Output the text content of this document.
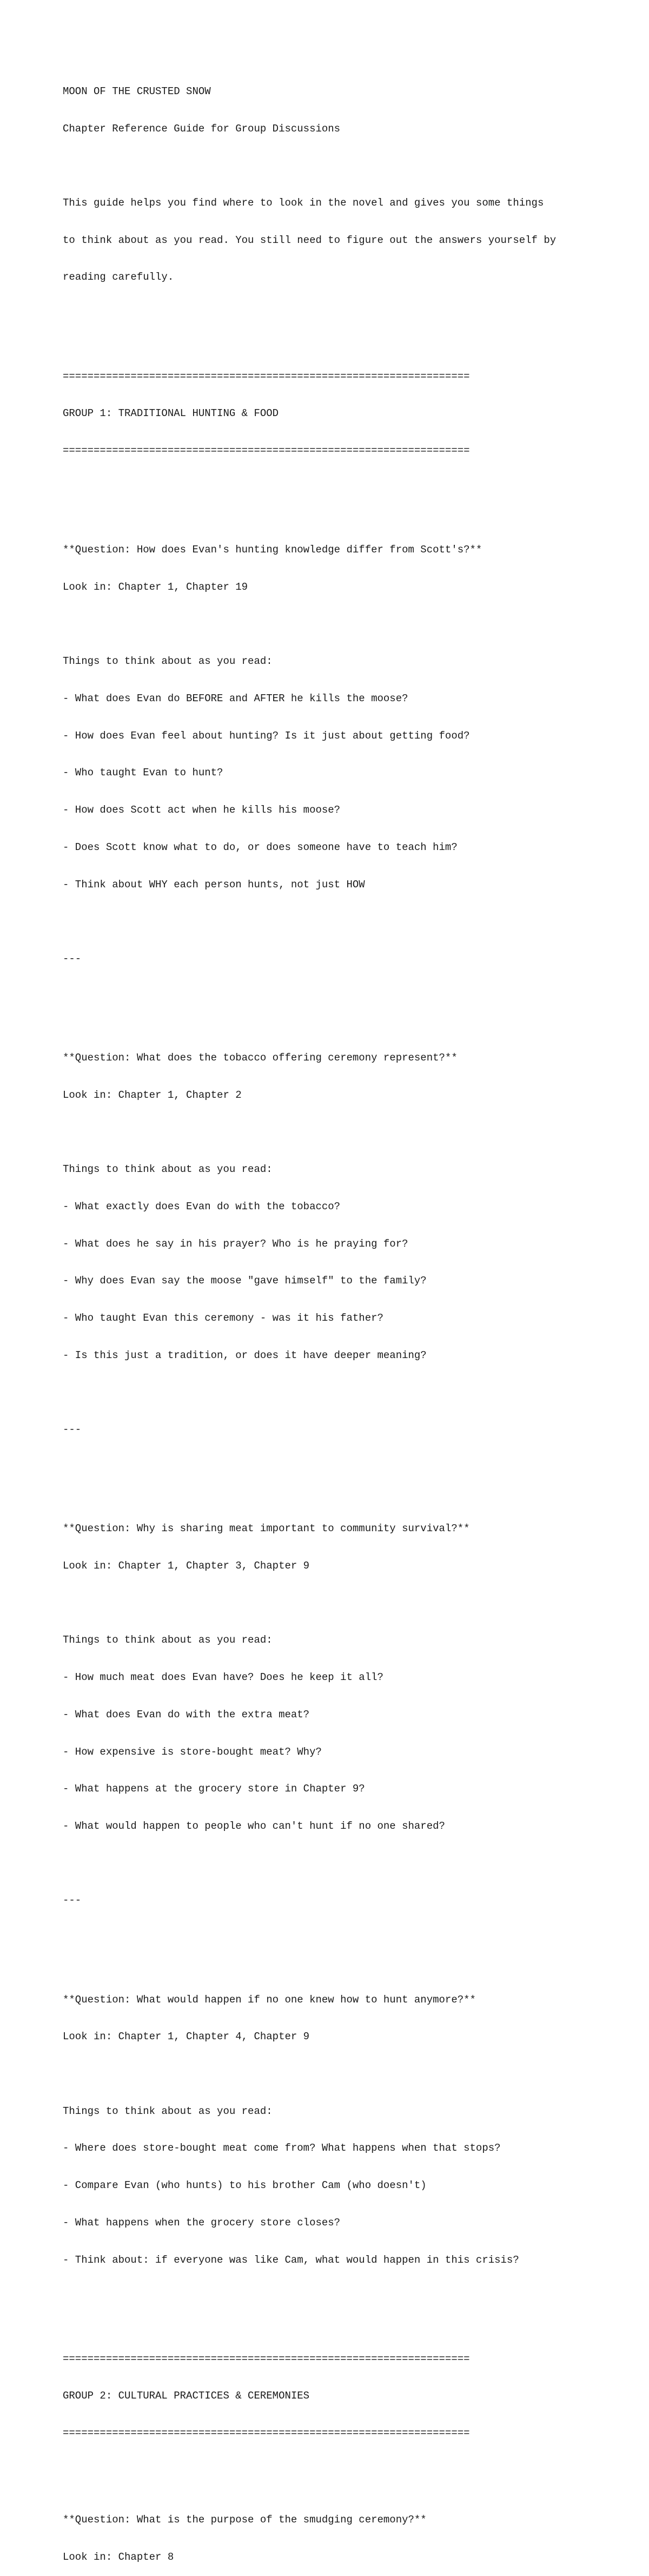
MOON OF THE CRUSTED SNOW

Chapter Reference Guide for Group Discussions

This guide helps you find where to look in the novel and gives you some things

to think about as you read. You still need to figure out the answers yourself by

reading carefully.

==================================================================

GROUP 1: TRADITIONAL HUNTING & FOOD

==================================================================

**Question: How does Evan's hunting knowledge differ from Scott's?**

Look in: Chapter 1, Chapter 19

Things to think about as you read:

- What does Evan do BEFORE and AFTER he kills the moose?

- How does Evan feel about hunting? Is it just about getting food?

- Who taught Evan to hunt?

- How does Scott act when he kills his moose?

- Does Scott know what to do, or does someone have to teach him?

- Think about WHY each person hunts, not just HOW

---

**Question: What does the tobacco offering ceremony represent?**

Look in: Chapter 1, Chapter 2

Things to think about as you read:

- What exactly does Evan do with the tobacco?

- What does he say in his prayer? Who is he praying for?

- Why does Evan say the moose "gave himself" to the family?

- Who taught Evan this ceremony - was it his father?

- Is this just a tradition, or does it have deeper meaning?

---

**Question: Why is sharing meat important to community survival?**

Look in: Chapter 1, Chapter 3, Chapter 9

Things to think about as you read:

- How much meat does Evan have? Does he keep it all?

- What does Evan do with the extra meat?

- How expensive is store-bought meat? Why?

- What happens at the grocery store in Chapter 9?

- What would happen to people who can't hunt if no one shared?

---

**Question: What would happen if no one knew how to hunt anymore?**

Look in: Chapter 1, Chapter 4, Chapter 9

Things to think about as you read:

- Where does store-bought meat come from? What happens when that stops?

- Compare Evan (who hunts) to his brother Cam (who doesn't)

- What happens when the grocery store closes?

- Think about: if everyone was like Cam, what would happen in this crisis?

==================================================================

GROUP 2: CULTURAL PRACTICES & CEREMONIES

==================================================================

**Question: What is the purpose of the smudging ceremony?**

Look in: Chapter 8
